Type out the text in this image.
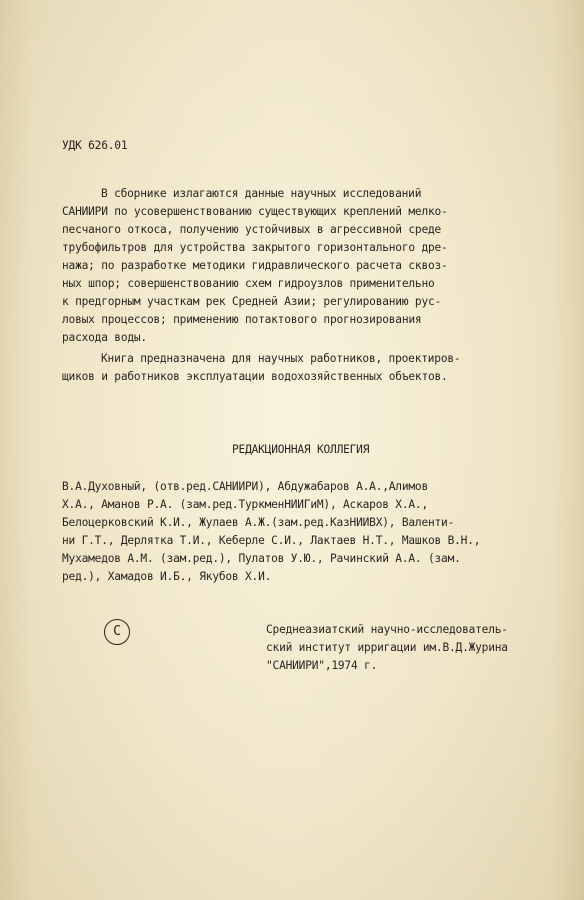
УДК 626.01
В сборнике излагаются данные научных исследований
САНИИРИ по усовершенствованию существующих креплений мелко-
песчаного откоса, получению устойчивых в агрессивной среде
трубофильтров для устройства закрытого горизонтального дре-
нажа; по разработке методики гидравлического расчета сквоз-
ных шпор; совершенствованию схем гидроузлов применительно
к предгорным участкам рек Средней Азии; регулированию рус-
ловых процессов; применению потактового прогнозирования
расхода воды.
Книга предназначена для научных работников, проектиров-
щиков и работников эксплуатации водохозяйственных объектов.
РЕДАКЦИОННАЯ КОЛЛЕГИЯ
В.А.Духовный, (отв.ред.САНИИРИ), Абдужабаров А.А.,Алимов
Х.А., Аманов Р.А. (зам.ред.ТуркменНИИГиМ), Аскаров Х.А.,
Белоцерковский К.И., Жулаев А.Ж.(зам.ред.КазНИИВХ), Валенти-
ни Г.Т., Дерлятка Т.И., Кеберле С.И., Лактаев Н.Т., Машков В.Н.,
Мухамедов А.М. (зам.ред.), Пулатов У.Ю., Рачинский А.А. (зам.
ред.), Хамадов И.Б., Якубов Х.И.
C	Среднеазиатский научно-исследователь-
ский институт ирригации им.В.Д.Журина
"САНИИРИ",1974 г.
